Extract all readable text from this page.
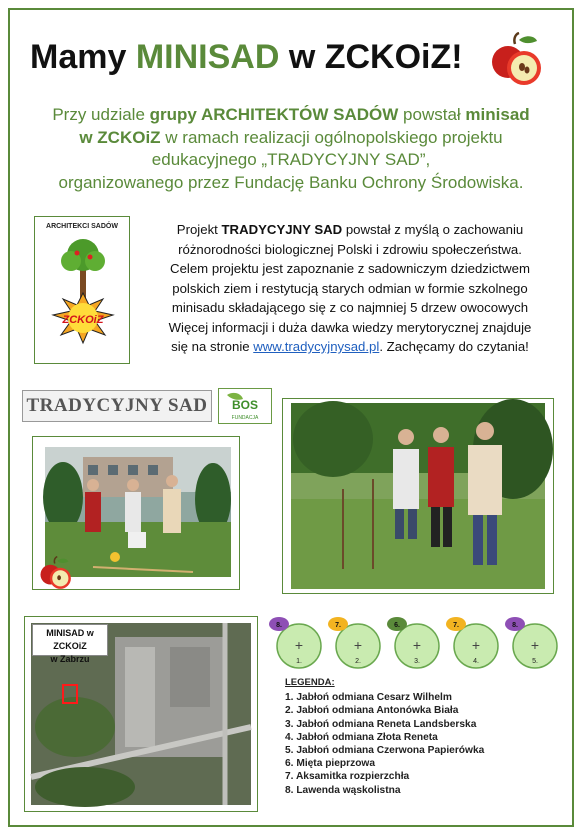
Mamy MINISAD w ZCKOiZ!
Przy udziale grupy ARCHITEKTÓW SADÓW powstał minisad
w ZCKOiZ w ramach realizacji ogólnopolskiego projektu
edukacyjnego „TRADYCYJNY SAD”,
organizowanego przez Fundację Banku Ochrony Środowiska.
ARCHITEKCI SADÓW
ZCKOiZ
Projekt TRADYCYJNY SAD powstał z myślą o zachowaniu
różnorodności biologicznej Polski i zdrowiu społeczeństwa.
Celem projektu jest zapoznanie z sadowniczym dziedzictwem
polskich ziem i restytucją starych odmian w formie szkolnego
minisadu składającego się z co najmniej 5 drzew owocowych
Więcej informacji i duża dawka wiedzy merytorycznej znajduje
się na stronie www.tradycyjnysad.pl. Zachęcamy do czytania!
TRADYCYJNY SAD	BOS
FUNDACJA
MINISAD w ZCKOiZ
w Zabrzu
+
1.
8.
+
2.
7.
+
3.
6.
+
4.
7.
+
5.
8.
LEGENDA:
1. Jabłoń odmiana Cesarz Wilhelm
2. Jabłoń odmiana Antonówka Biała
3. Jabłoń odmiana Reneta Landsberska
4. Jabłoń odmiana Złota Reneta
5. Jabłoń odmiana Czerwona Papierówka
6. Mięta pieprzowa
7. Aksamitka rozpierzchła
8. Lawenda wąskolistna
